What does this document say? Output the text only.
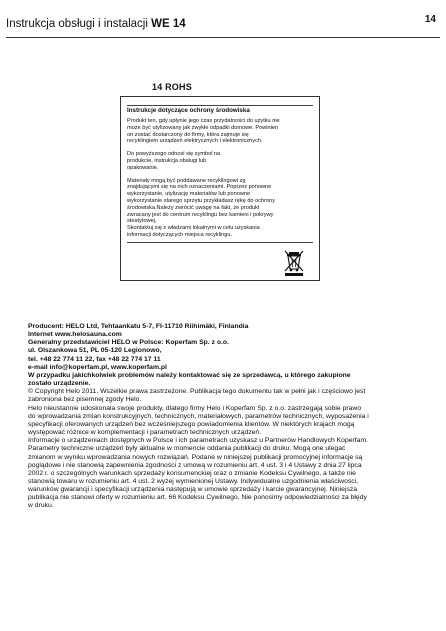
Instrukcja obsługi i instalacji WE 14	14
14 ROHS
Instrukcje dotyczące ochrony środowiska
Produkt ten, gdy upłynie jego czas przydatności do użytku nie
może być utylizowany jak zwykłe odpadki domowe. Powinien
on zostać dostarczony do firmy, która zajmuje się
recyklingiem urządzeń elektrycznych i elektronicznych.
Do powyższego odnosi się symbol na
produkcie, instrukcja obsługi lub
opakowanie.
Materiały mogą być poddawane recyklingowi zg
znajdującymi się na nich oznaczeniami. Poprzez ponowne
wykorzystanie, utylizację materiałów lub ponowne
wykorzystanie starego sprzętu przykładasz rękę do ochrony
środowiska.Należy zwrócić uwagę na fakt, że produkt
zwracany jest do centrum recyklingu bez kamieni i pokrywy
steatytowej.
Skontaktuj się z władzami lokalnymi w celu uzyskania
informacji dotyczących miejsca recyklingu.
Producent: HELO Ltd, Tehtaankatu 5-7, FI-11710 Riihimäki, Finlandia
Internet www.helosauna.com
Generalny przedstawiciel HELO w Polsce: Koperfam Sp. z o.o.
ul. Olszankowa 51, PL 05-120 Legionowo,
tel. +48 22 774 11 22, fax +48 22 774 17 11
e-mail info@koperfam.pl, www.koperfam.pl
W przypadku jakichkolwiek problemów należy kontaktować się ze sprzedawcą, u którego zakupione
zostało urządzenie.
© Copyright Helo 2011. Wszelkie prawa zastrzeżone. Publikacja tego dokumentu tak w pełni jak i częściowo jest
zabroniona bez pisemnej zgody Helo.
Helo nieustannie udoskonala swoje produkty, dlatego firmy Helo i Koperfam Sp. z o.o. zastrzegają sobie prawo
do wprowadzania zmian konstrukcyjnych, technicznych, materiałowych, parametrów technicznych, wyposażenia i
specyfikacji oferowanych urządzeń bez wcześniejszego powiadomienia klientów. W niektórych krajach mogą
występować różnice w komplementacji i parametrach technicznych urządzeń.
Informacje o urządzeniach dostępnych w Polsce i ich parametrach uzyskasz u Partnerów Handlowych Koperfam.
Parametry techniczne urządzeń były aktualne w momencie oddania publikacji do druku. Mogą one ulegać
zmianom w wyniku wprowadzania nowych rozwiązań. Podane w niniejszej publikacji promocyjnej informacje są
poglądowe i nie stanowią zapewnienia zgodności z umową w rozumieniu art. 4 ust. 3 i 4 Ustawy z dnia 27 lipca
2002 r. o szczególnych warunkach sprzedaży konsumenckiej oraz o zmianie Kodeksu Cywilnego, a także nie
stanowią towaru w rozumieniu art. 4 ust. 2 wyżej wymienionej Ustawy. Indywidualne uzgodnienia właściwości,
warunków gwarancji i specyfikacji urządzenia następują w umowie sprzedaży i karcie gwarancyjnej. Niniejsza
publikacja nie stanowi oferty w rozumieniu art. 66 Kodeksu Cywilnego. Nie ponosimy odpowiedzialności za błędy
w druku.
